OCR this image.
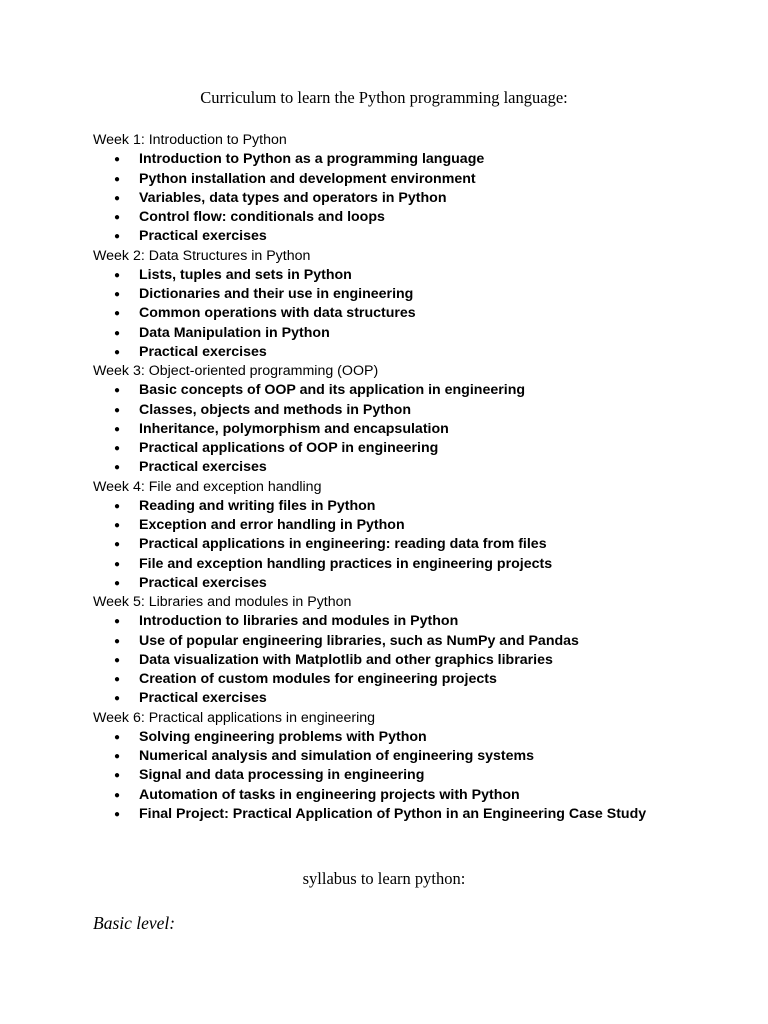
Curriculum to learn the Python programming language:
Week 1: Introduction to Python
● Introduction to Python as a programming language
● Python installation and development environment
● Variables, data types and operators in Python
● Control flow: conditionals and loops
● Practical exercises
Week 2: Data Structures in Python
● Lists, tuples and sets in Python
● Dictionaries and their use in engineering
● Common operations with data structures
● Data Manipulation in Python
● Practical exercises
Week 3: Object-oriented programming (OOP)
● Basic concepts of OOP and its application in engineering
● Classes, objects and methods in Python
● Inheritance, polymorphism and encapsulation
● Practical applications of OOP in engineering
● Practical exercises
Week 4: File and exception handling
● Reading and writing files in Python
● Exception and error handling in Python
● Practical applications in engineering: reading data from files
● File and exception handling practices in engineering projects
● Practical exercises
Week 5: Libraries and modules in Python
● Introduction to libraries and modules in Python
● Use of popular engineering libraries, such as NumPy and Pandas
● Data visualization with Matplotlib and other graphics libraries
● Creation of custom modules for engineering projects
● Practical exercises
Week 6: Practical applications in engineering
● Solving engineering problems with Python
● Numerical analysis and simulation of engineering systems
● Signal and data processing in engineering
● Automation of tasks in engineering projects with Python
● Final Project: Practical Application of Python in an Engineering Case Study
syllabus to learn python:
Basic level:
